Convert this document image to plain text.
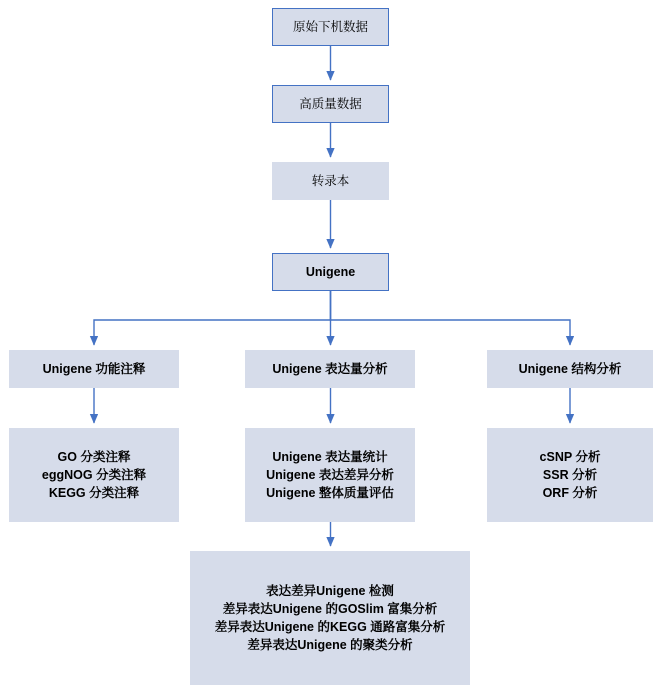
原始下机数据
高质量数据
转录本
Unigene
Unigene 功能注释	Unigene 表达量分析	Unigene 结构分析
GO 分类注释
eggNOG 分类注释
KEGG 分类注释
Unigene 表达量统计
Unigene 表达差异分析
Unigene 整体质量评估
cSNP 分析
SSR 分析
ORF 分析
表达差异Unigene 检测
差异表达Unigene 的GOSlim 富集分析
差异表达Unigene 的KEGG 通路富集分析
差异表达Unigene 的聚类分析
